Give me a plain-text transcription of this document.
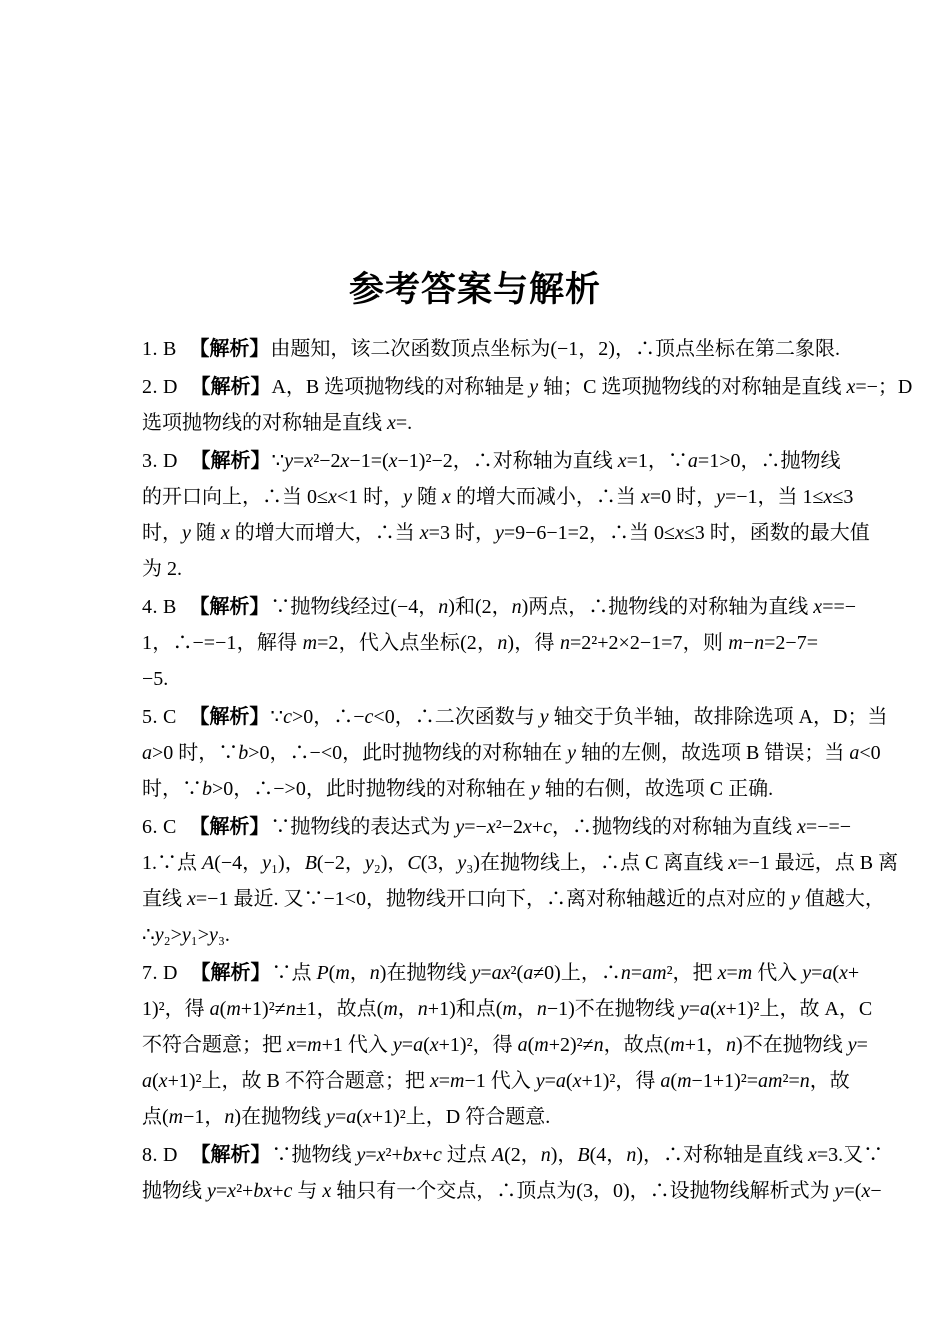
参考答案与解析
1. B 【解析】由题知，该二次函数顶点坐标为(−1，2)，∴顶点坐标在第二象限.
2. D 【解析】A，B 选项抛物线的对称轴是 y 轴；C 选项抛物线的对称轴是直线 x=−；D
选项抛物线的对称轴是直线 x=.
3. D 【解析】∵y=x²−2x−1=(x−1)²−2，∴对称轴为直线 x=1，∵a=1>0，∴抛物线
的开口向上，∴当 0≤x<1 时，y 随 x 的增大而减小，∴当 x=0 时，y=−1，当 1≤x≤3
时，y 随 x 的增大而增大，∴当 x=3 时，y=9−6−1=2，∴当 0≤x≤3 时，函数的最大值
为 2.
4. B 【解析】∵抛物线经过(−4，n)和(2，n)两点，∴抛物线的对称轴为直线 x==−
1，∴−=−1，解得 m=2，代入点坐标(2，n)，得 n=2²+2×2−1=7，则 m−n=2−7=
−5.
5. C 【解析】∵c>0，∴−c<0，∴二次函数与 y 轴交于负半轴，故排除选项 A，D；当
a>0 时，∵b>0，∴−<0，此时抛物线的对称轴在 y 轴的左侧，故选项 B 错误；当 a<0
时，∵b>0，∴−>0，此时抛物线的对称轴在 y 轴的右侧，故选项 C 正确.
6. C 【解析】∵抛物线的表达式为 y=−x²−2x+c，∴抛物线的对称轴为直线 x=−=−
1.∵点 A(−4，y₁)，B(−2，y₂)，C(3，y₃)在抛物线上，∴点 C 离直线 x=−1 最远，点 B 离
直线 x=−1 最近. 又∵−1<0，抛物线开口向下，∴离对称轴越近的点对应的 y 值越大，
∴y₂>y₁>y₃.
7. D 【解析】∵点 P(m，n)在抛物线 y=ax²(a≠0)上，∴n=am²，把 x=m 代入 y=a(x+
1)²，得 a(m+1)²≠n±1，故点(m，n+1)和点(m，n−1)不在抛物线 y=a(x+1)²上，故 A，C
不符合题意；把 x=m+1 代入 y=a(x+1)²，得 a(m+2)²≠n，故点(m+1，n)不在抛物线 y=
a(x+1)²上，故 B 不符合题意；把 x=m−1 代入 y=a(x+1)²，得 a(m−1+1)²=am²=n，故
点(m−1，n)在抛物线 y=a(x+1)²上，D 符合题意.
8. D 【解析】∵抛物线 y=x²+bx+c 过点 A(2，n)，B(4，n)，∴对称轴是直线 x=3.又∵
抛物线 y=x²+bx+c 与 x 轴只有一个交点，∴顶点为(3，0)，∴设抛物线解析式为 y=(x−
